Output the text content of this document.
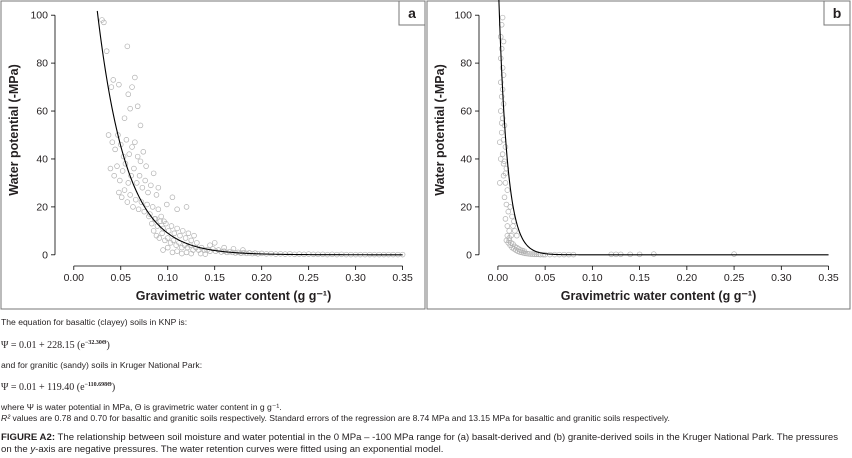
0
20
40
60
80
100
0.00	0.05	0.10	0.15	0.20	0.25	0.30	0.35
Gravimetric water content (g g⁻¹)
Water potential (-MPa)
a
0
20
40
60
80
100
0.00	0.05	0.10	0.15	0.20	0.25	0.30	0.35
Gravimetric water content (g g⁻¹)
Water potential (-MPa)
b
The equation for basaltic (clayey) soils in KNP is:
Ψ = 0.01 + 228.15 $(e^{-32.30\Theta})$
and for granitic (sandy) soils in Kruger National Park:
Ψ = 0.01 + 119.40 $(e^{-110.698\Theta})$
where Ψ is water potential in MPa, Θ is gravimetric water content in g g⁻¹.
R² values are 0.78 and 0.70 for basaltic and granitic soils respectively. Standard errors of the regression are 8.74 MPa and 13.15 MPa for basaltic and granitic soils respectively.
FIGURE A2: The relationship between soil moisture and water potential in the 0 MPa – -100 MPa range for (a) basalt-derived and (b) granite-derived soils in the Kruger National Park. The pressures on the y-axis are negative pressures. The water retention curves were fitted using an exponential model.
